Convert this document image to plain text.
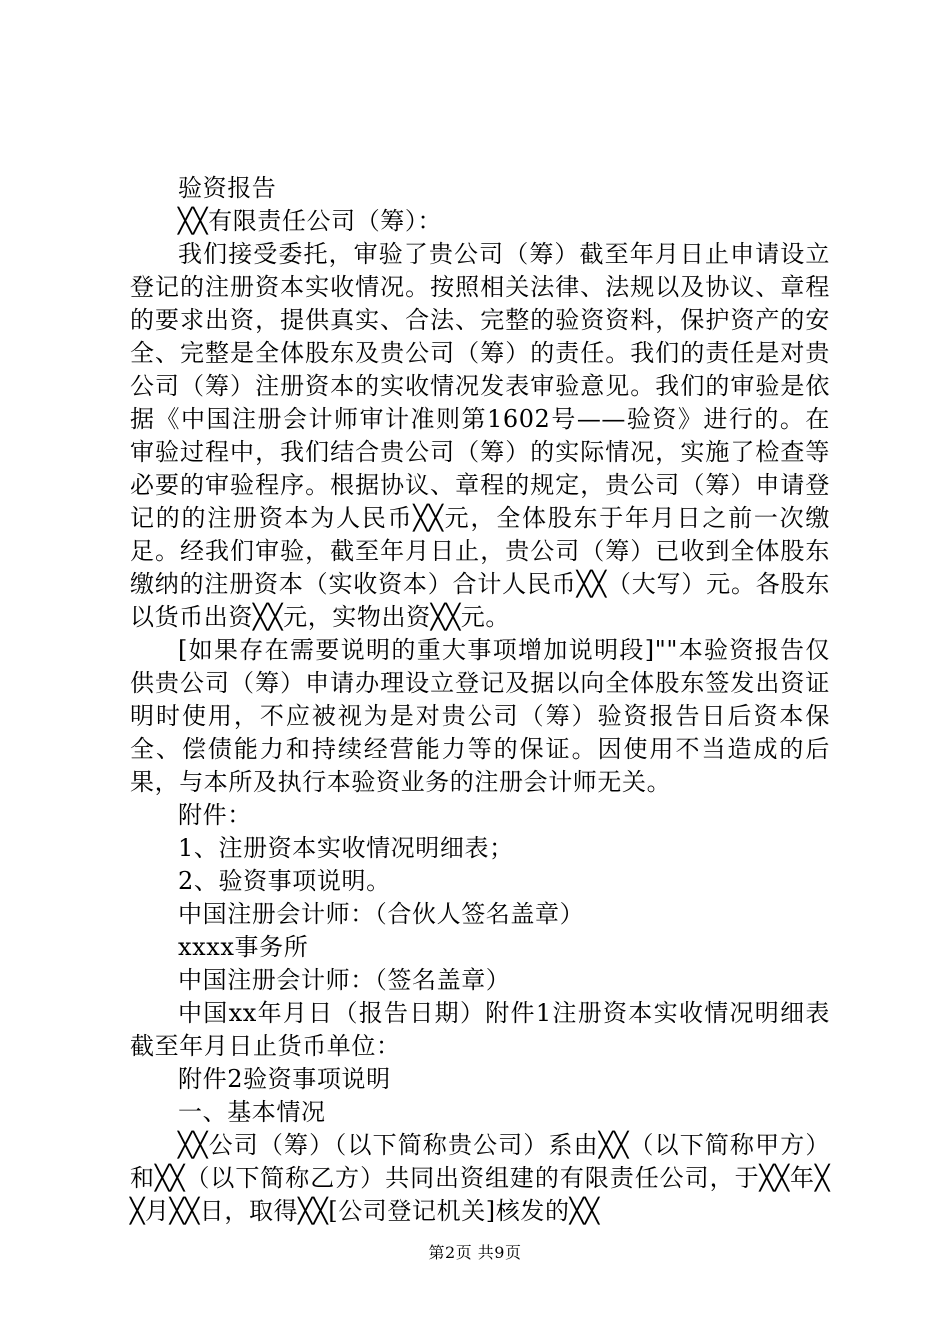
验资报告

╳╳有限责任公司（筹）：

我们接受委托，审验了贵公司（筹）截至年月日止申请设立登记的注册资本实收情况。按照相关法律、法规以及协议、章程的要求出资，提供真实、合法、完整的验资资料，保护资产的安全、完整是全体股东及贵公司（筹）的责任。我们的责任是对贵公司（筹）注册资本的实收情况发表审验意见。我们的审验是依据《中国注册会计师审计准则第1602号——验资》进行的。在审验过程中，我们结合贵公司（筹）的实际情况，实施了检查等必要的审验程序。根据协议、章程的规定，贵公司（筹）申请登记的的注册资本为人民币╳╳元，全体股东于年月日之前一次缴足。经我们审验，截至年月日止，贵公司（筹）已收到全体股东缴纳的注册资本（实收资本）合计人民币╳╳（大写）元。各股东以货币出资╳╳元，实物出资╳╳元。

[如果存在需要说明的重大事项增加说明段]""本验资报告仅供贵公司（筹）申请办理设立登记及据以向全体股东签发出资证明时使用，不应被视为是对贵公司（筹）验资报告日后资本保全、偿债能力和持续经营能力等的保证。因使用不当造成的后果，与本所及执行本验资业务的注册会计师无关。

附件：

1、注册资本实收情况明细表；

2、验资事项说明。

中国注册会计师：（合伙人签名盖章）

xxxx事务所

中国注册会计师：（签名盖章）

中国xx年月日（报告日期）附件1注册资本实收情况明细表截至年月日止货币单位：

附件2验资事项说明

一、基本情况

╳╳公司（筹）（以下简称贵公司）系由╳╳（以下简称甲方）和╳╳（以下简称乙方）共同出资组建的有限责任公司，于╳╳年╳╳月╳╳日，取得╳╳[公司登记机关]核发的╳╳

第2页 共9页
